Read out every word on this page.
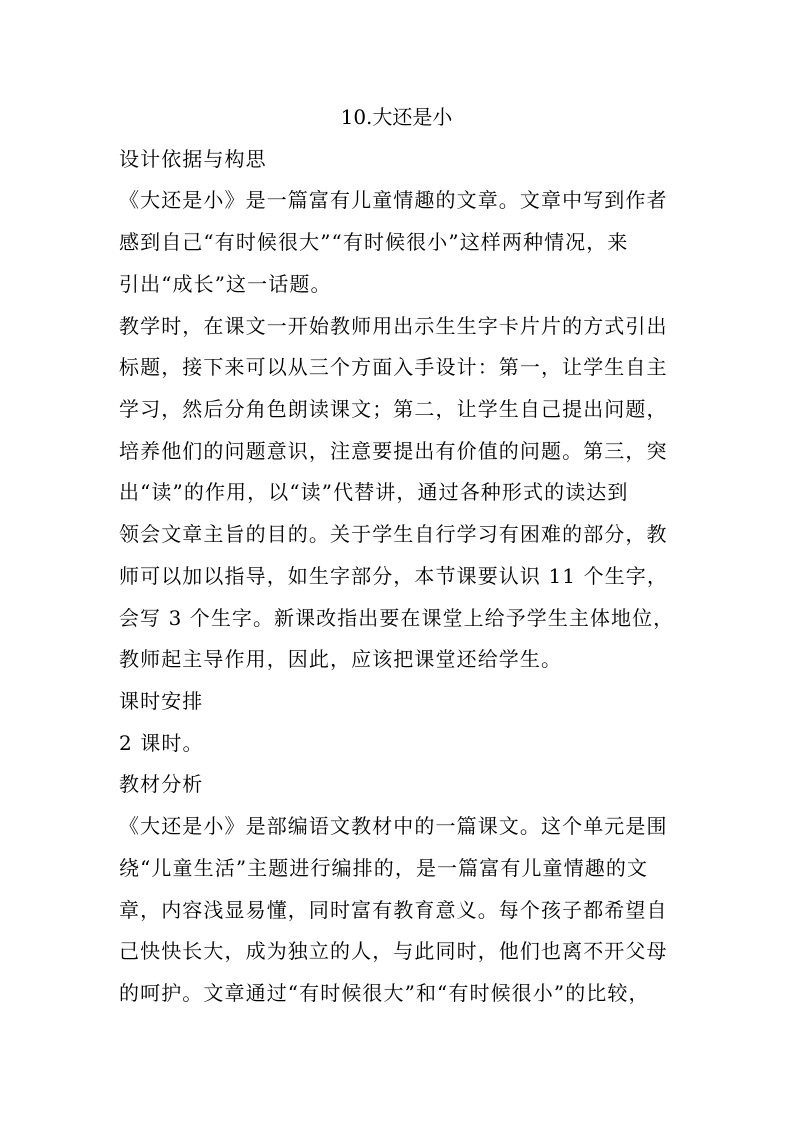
10.大还是小
设计依据与构思
《大还是小》是一篇富有儿童情趣的文章。文章中写到作者
感到自己“有时候很大”“有时候很小”这样两种情况，来
引出“成长”这一话题。
教学时，在课文一开始教师用出示生生字卡片片的方式引出
标题，接下来可以从三个方面入手设计：第一，让学生自主
学习，然后分角色朗读课文；第二，让学生自己提出问题，
培养他们的问题意识，注意要提出有价值的问题。第三，突
出“读”的作用，以“读”代替讲，通过各种形式的读达到
领会文章主旨的目的。关于学生自行学习有困难的部分，教
师可以加以指导，如生字部分，本节课要认识 11 个生字，
会写 3 个生字。新课改指出要在课堂上给予学生主体地位，
教师起主导作用，因此，应该把课堂还给学生。
课时安排
2 课时。
教材分析
《大还是小》是部编语文教材中的一篇课文。这个单元是围
绕“儿童生活”主题进行编排的，是一篇富有儿童情趣的文
章，内容浅显易懂，同时富有教育意义。每个孩子都希望自
己快快长大，成为独立的人，与此同时，他们也离不开父母
的呵护。文章通过“有时候很大”和“有时候很小”的比较，
